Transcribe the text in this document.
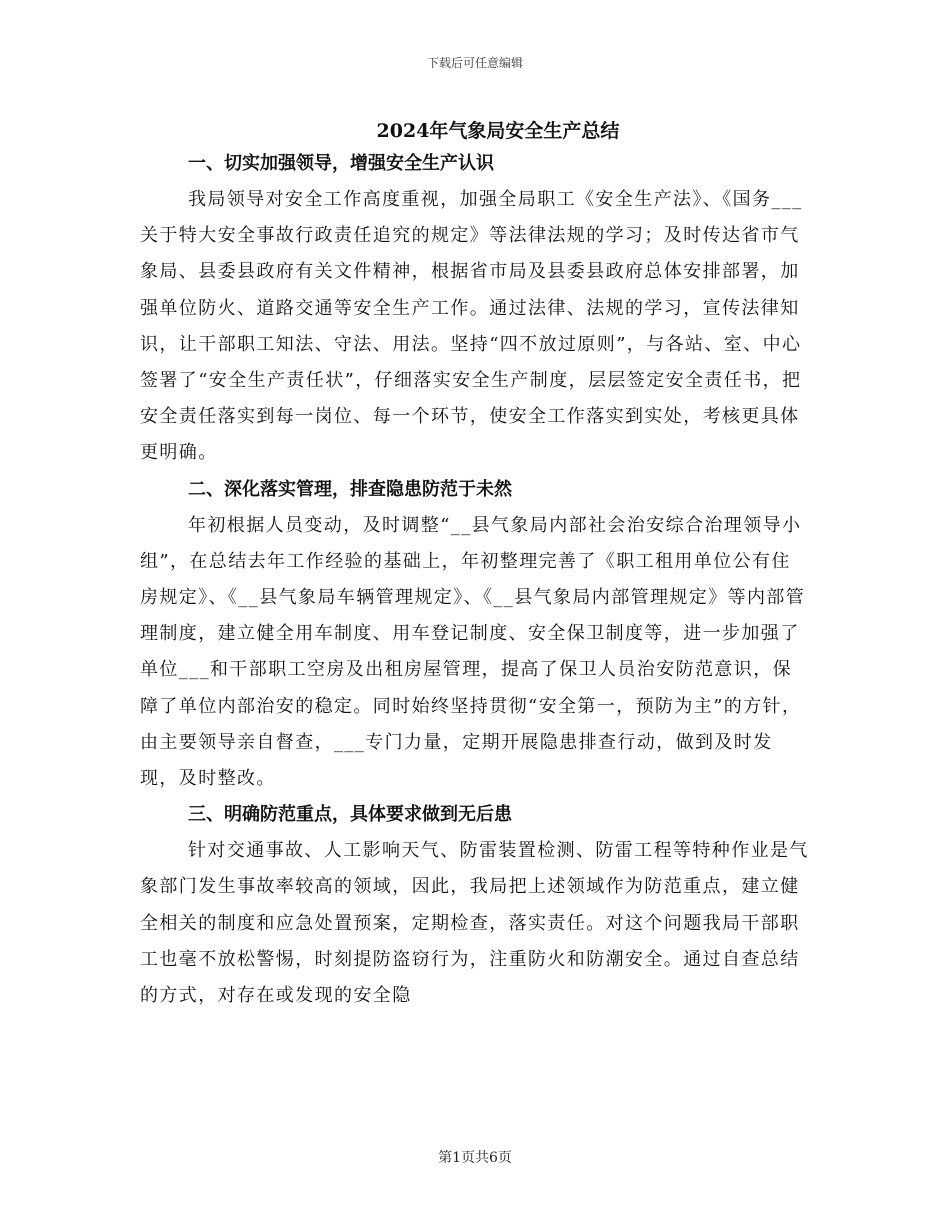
下载后可任意编辑
2024年气象局安全生产总结

一、切实加强领导，增强安全生产认识

我局领导对安全工作高度重视，加强全局职工《安全生产法》、《国务___关于特大安全事故行政责任追究的规定》等法律法规的学习；及时传达省市气象局、县委县政府有关文件精神，根据省市局及县委县政府总体安排部署，加强单位防火、道路交通等安全生产工作。通过法律、法规的学习，宣传法律知识，让干部职工知法、守法、用法。坚持“四不放过原则”，与各站、室、中心签署了“安全生产责任状”，仔细落实安全生产制度，层层签定安全责任书，把安全责任落实到每一岗位、每一个环节，使安全工作落实到实处，考核更具体更明确。

二、深化落实管理，排查隐患防范于未然

年初根据人员变动，及时调整“__县气象局内部社会治安综合治理领导小组”，在总结去年工作经验的基础上，年初整理完善了《职工租用单位公有住房规定》、《__县气象局车辆管理规定》、《__县气象局内部管理规定》等内部管理制度，建立健全用车制度、用车登记制度、安全保卫制度等，进一步加强了单位___和干部职工空房及出租房屋管理，提高了保卫人员治安防范意识，保障了单位内部治安的稳定。同时始终坚持贯彻“安全第一，预防为主”的方针，由主要领导亲自督查，___专门力量，定期开展隐患排查行动，做到及时发现，及时整改。

三、明确防范重点，具体要求做到无后患

针对交通事故、人工影响天气、防雷装置检测、防雷工程等特种作业是气象部门发生事故率较高的领域，因此，我局把上述领域作为防范重点，建立健全相关的制度和应急处置预案，定期检查，落实责任。对这个问题我局干部职工也毫不放松警惕，时刻提防盗窃行为，注重防火和防潮安全。通过自查总结的方式，对存在或发现的安全隐

第1页共6页
